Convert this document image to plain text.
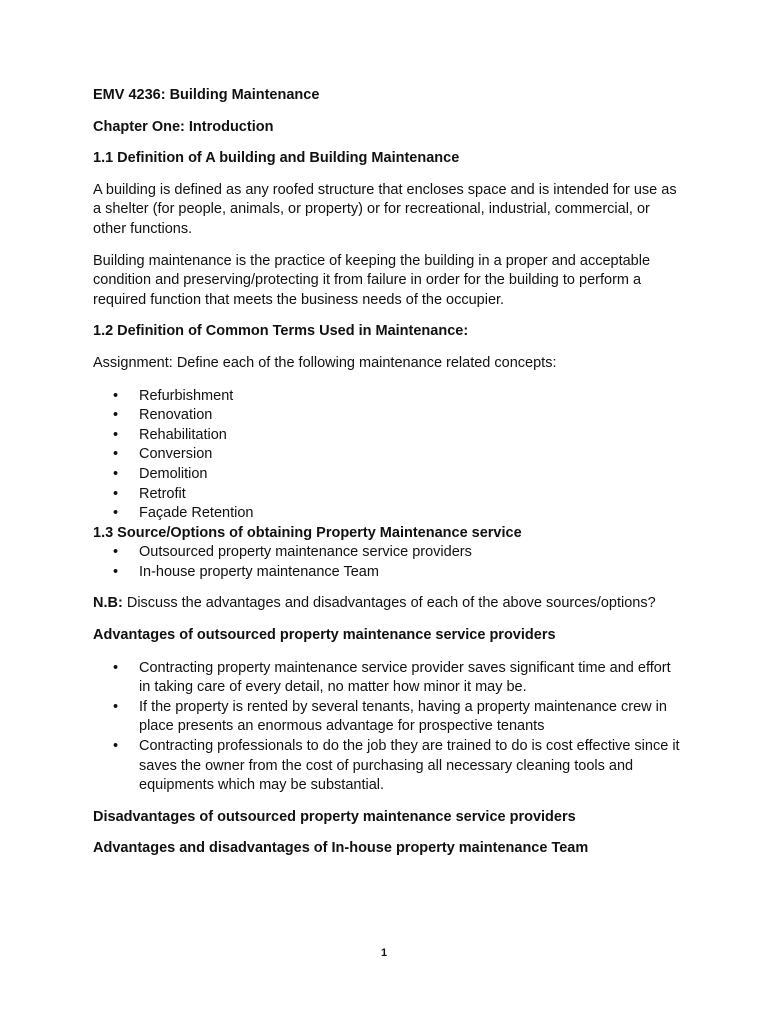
EMV 4236: Building Maintenance

Chapter One: Introduction

1.1 Definition of A building and Building Maintenance

A building is defined as any roofed structure that encloses space and is intended for use as a shelter (for people, animals, or property) or for recreational, industrial, commercial, or other functions.

Building maintenance is the practice of keeping the building in a proper and acceptable condition and preserving/protecting it from failure in order for the building to perform a required function that meets the business needs of the occupier.

1.2 Definition of Common Terms Used in Maintenance:

Assignment: Define each of the following maintenance related concepts:

• Refurbishment
• Renovation
• Rehabilitation
• Conversion
• Demolition
• Retrofit
• Façade Retention

1.3 Source/Options of obtaining Property Maintenance service

• Outsourced property maintenance service providers
• In-house property maintenance Team

N.B: Discuss the advantages and disadvantages of each of the above sources/options?

Advantages of outsourced property maintenance service providers

• Contracting property maintenance service provider saves significant time and effort in taking care of every detail, no matter how minor it may be.
• If the property is rented by several tenants, having a property maintenance crew in place presents an enormous advantage for prospective tenants
• Contracting professionals to do the job they are trained to do is cost effective since it saves the owner from the cost of purchasing all necessary cleaning tools and equipments which may be substantial.

Disadvantages of outsourced property maintenance service providers

Advantages and disadvantages of In-house property maintenance Team

1
